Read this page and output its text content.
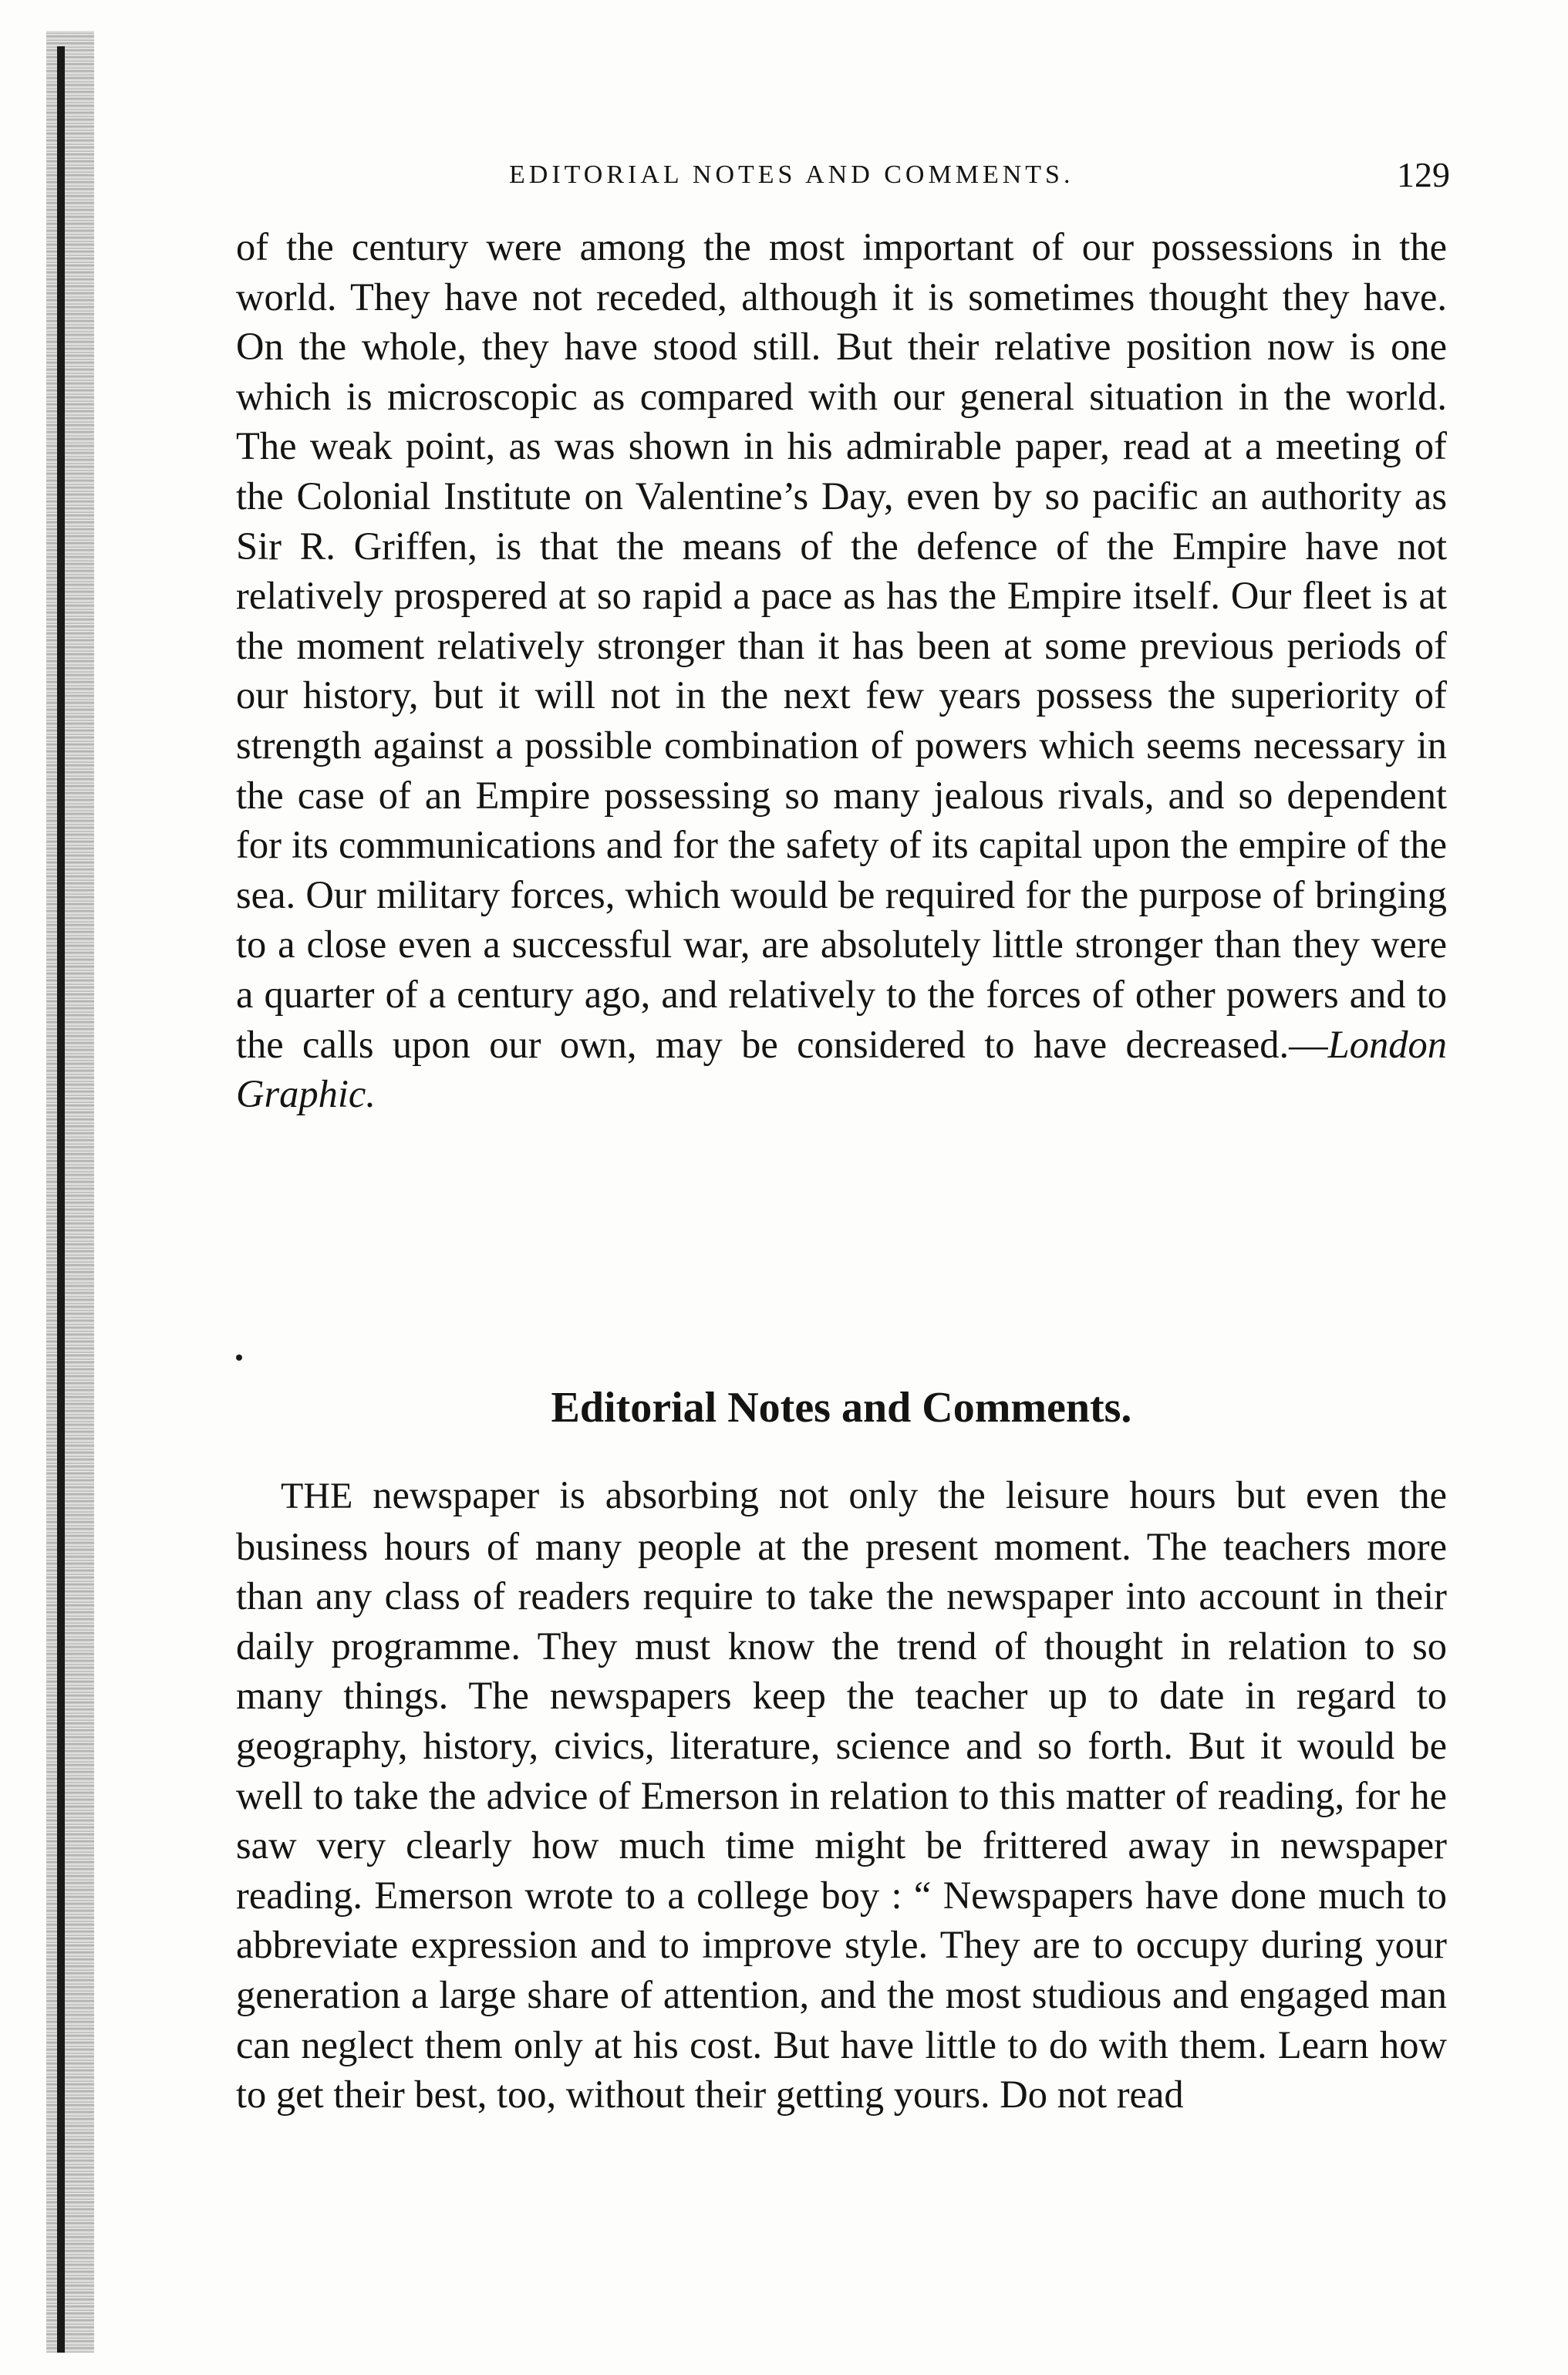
EDITORIAL NOTES AND COMMENTS.	129

of the century were among the most important of our possessions in the world. They have not receded, although it is sometimes thought they have. On the whole, they have stood still. But their relative position now is one which is microscopic as compared with our general situation in the world. The weak point, as was shown in his admirable paper, read at a meeting of the Colonial Institute on Valentine’s Day, even by so pacific an authority as Sir R. Griffen, is that the means of the defence of the Empire have not relatively prospered at so rapid a pace as has the Empire itself. Our fleet is at the moment relatively stronger than it has been at some previous periods of our history, but it will not in the next few years possess the superiority of strength against a possible combination of powers which seems necessary in the case of an Empire possessing so many jealous rivals, and so dependent for its communications and for the safety of its capital upon the empire of the sea. Our military forces, which would be required for the purpose of bringing to a close even a successful war, are absolutely little stronger than they were a quarter of a century ago, and relatively to the forces of other powers and to the calls upon our own, may be considered to have decreased.—London Graphic.

Editorial Notes and Comments.

THE newspaper is absorbing not only the leisure hours but even the business hours of many people at the present moment. The teachers more than any class of readers require to take the newspaper into account in their daily programme. They must know the trend of thought in relation to so many things. The newspapers keep the teacher up to date in regard to geography, history, civics, literature, science and so forth. But it would be well to take the advice of Emerson in relation to this matter of reading, for he saw very clearly how much time might be frittered away in newspaper reading. Emerson wrote to a college boy : “ Newspapers have done much to abbreviate expression and to improve style. They are to occupy during your generation a large share of attention, and the most studious and engaged man can neglect them only at his cost. But have little to do with them. Learn how to get their best, too, without their getting yours. Do not read
